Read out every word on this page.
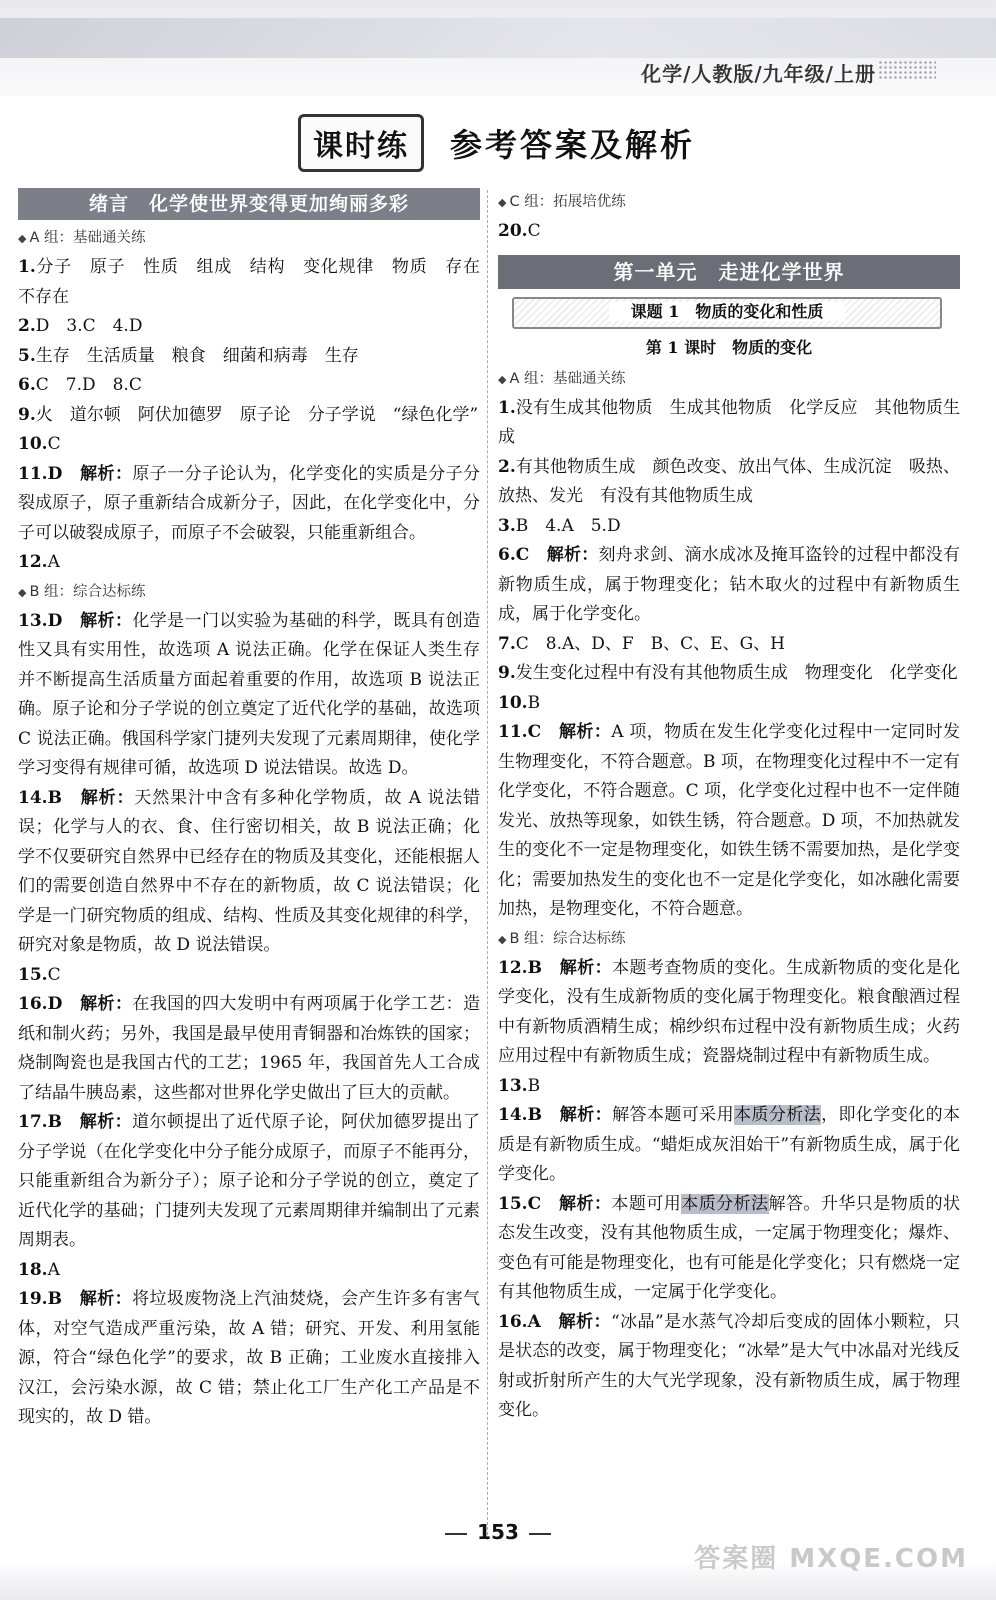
化学/人教版/九年级/上册
课时练	参考答案及解析
绪言　化学使世界变得更加绚丽多彩
◆ A 组：基础通关练

1.分子　原子　性质　组成　结构　变化规律　物质　存在　不存在

2.D　3.C　4.D

5.生存　生活质量　粮食　细菌和病毒　生存

6.C　7.D　8.C

9.火　道尔顿　阿伏加德罗　原子论　分子学说　“绿色化学”

10.C

11.D　 解析：原子一分子论认为，化学变化的实质是分子分裂成原子，原子重新结合成新分子，因此，在化学变化中，分子可以破裂成原子，而原子不会破裂，只能重新组合。

12.A

◆ B 组：综合达标练

13.D　 解析：化学是一门以实验为基础的科学，既具有创造性又具有实用性，故选项 A 说法正确。化学在保证人类生存并不断提高生活质量方面起着重要的作用，故选项 B 说法正确。原子论和分子学说的创立奠定了近代化学的基础，故选项 C 说法正确。俄国科学家门捷列夫发现了元素周期律，使化学学习变得有规律可循，故选项 D 说法错误。故选 D。

14.B　 解析：天然果汁中含有多种化学物质，故 A 说法错误；化学与人的衣、食、住行密切相关，故 B 说法正确；化学不仅要研究自然界中已经存在的物质及其变化，还能根据人们的需要创造自然界中不存在的新物质，故 C 说法错误；化学是一门研究物质的组成、结构、性质及其变化规律的科学，研究对象是物质，故 D 说法错误。

15.C

16.D　 解析：在我国的四大发明中有两项属于化学工艺：造纸和制火药；另外，我国是最早使用青铜器和冶炼铁的国家；烧制陶瓷也是我国古代的工艺；1965 年，我国首先人工合成了结晶牛胰岛素，这些都对世界化学史做出了巨大的贡献。

17.B　 解析：道尔顿提出了近代原子论，阿伏加德罗提出了分子学说（在化学变化中分子能分成原子，而原子不能再分，只能重新组合为新分子）；原子论和分子学说的创立，奠定了近代化学的基础；门捷列夫发现了元素周期律并编制出了元素周期表。

18.A

19.B　 解析：将垃圾废物浇上汽油焚烧，会产生许多有害气体，对空气造成严重污染，故 A 错；研究、开发、利用氢能源，符合“绿色化学”的要求，故 B 正确；工业废水直接排入汉江，会污染水源，故 C 错；禁止化工厂生产化工产品是不现实的，故 D 错。

◆ C 组：拓展培优练

20.C

第一单元　走进化学世界
课题 1　物质的变化和性质
第 1 课时　物质的变化
◆ A 组：基础通关练

1.没有生成其他物质　生成其他物质　化学反应　其他物质生成

2.有其他物质生成　颜色改变、放出气体、生成沉淀　吸热、放热、发光　有没有其他物质生成

3.B　4.A　5.D

6.C　 解析：刻舟求剑、滴水成冰及掩耳盗铃的过程中都没有新物质生成，属于物理变化；钻木取火的过程中有新物质生成，属于化学变化。

7.C　8.A、D、F　B、C、E、G、H

9.发生变化过程中有没有其他物质生成　物理变化　化学变化

10.B

11.C　 解析：A 项，物质在发生化学变化过程中一定同时发生物理变化，不符合题意。B 项，在物理变化过程中不一定有化学变化，不符合题意。C 项，化学变化过程中也不一定伴随发光、放热等现象，如铁生锈，符合题意。D 项，不加热就发生的变化不一定是物理变化，如铁生锈不需要加热，是化学变化；需要加热发生的变化也不一定是化学变化，如冰融化需要加热，是物理变化，不符合题意。

◆ B 组：综合达标练

12.B　 解析：本题考查物质的变化。生成新物质的变化是化学变化，没有生成新物质的变化属于物理变化。粮食酿酒过程中有新物质酒精生成；棉纱织布过程中没有新物质生成；火药应用过程中有新物质生成；瓷器烧制过程中有新物质生成。

13.B

14.B　 解析：解答本题可采用本质分析法，即化学变化的本质是有新物质生成。“蜡炬成灰泪始干”有新物质生成，属于化学变化。

15.C　 解析：本题可用本质分析法解答。升华只是物质的状态发生改变，没有其他物质生成，一定属于物理变化；爆炸、变色有可能是物理变化，也有可能是化学变化；只有燃烧一定有其他物质生成，一定属于化学变化。

16.A　 解析：“冰晶”是水蒸气冷却后变成的固体小颗粒，只是状态的改变，属于物理变化；“冰晕”是大气中冰晶对光线反射或折射所产生的大气光学现象，没有新物质生成，属于物理变化。

153
答案圈 MXQE.COM
